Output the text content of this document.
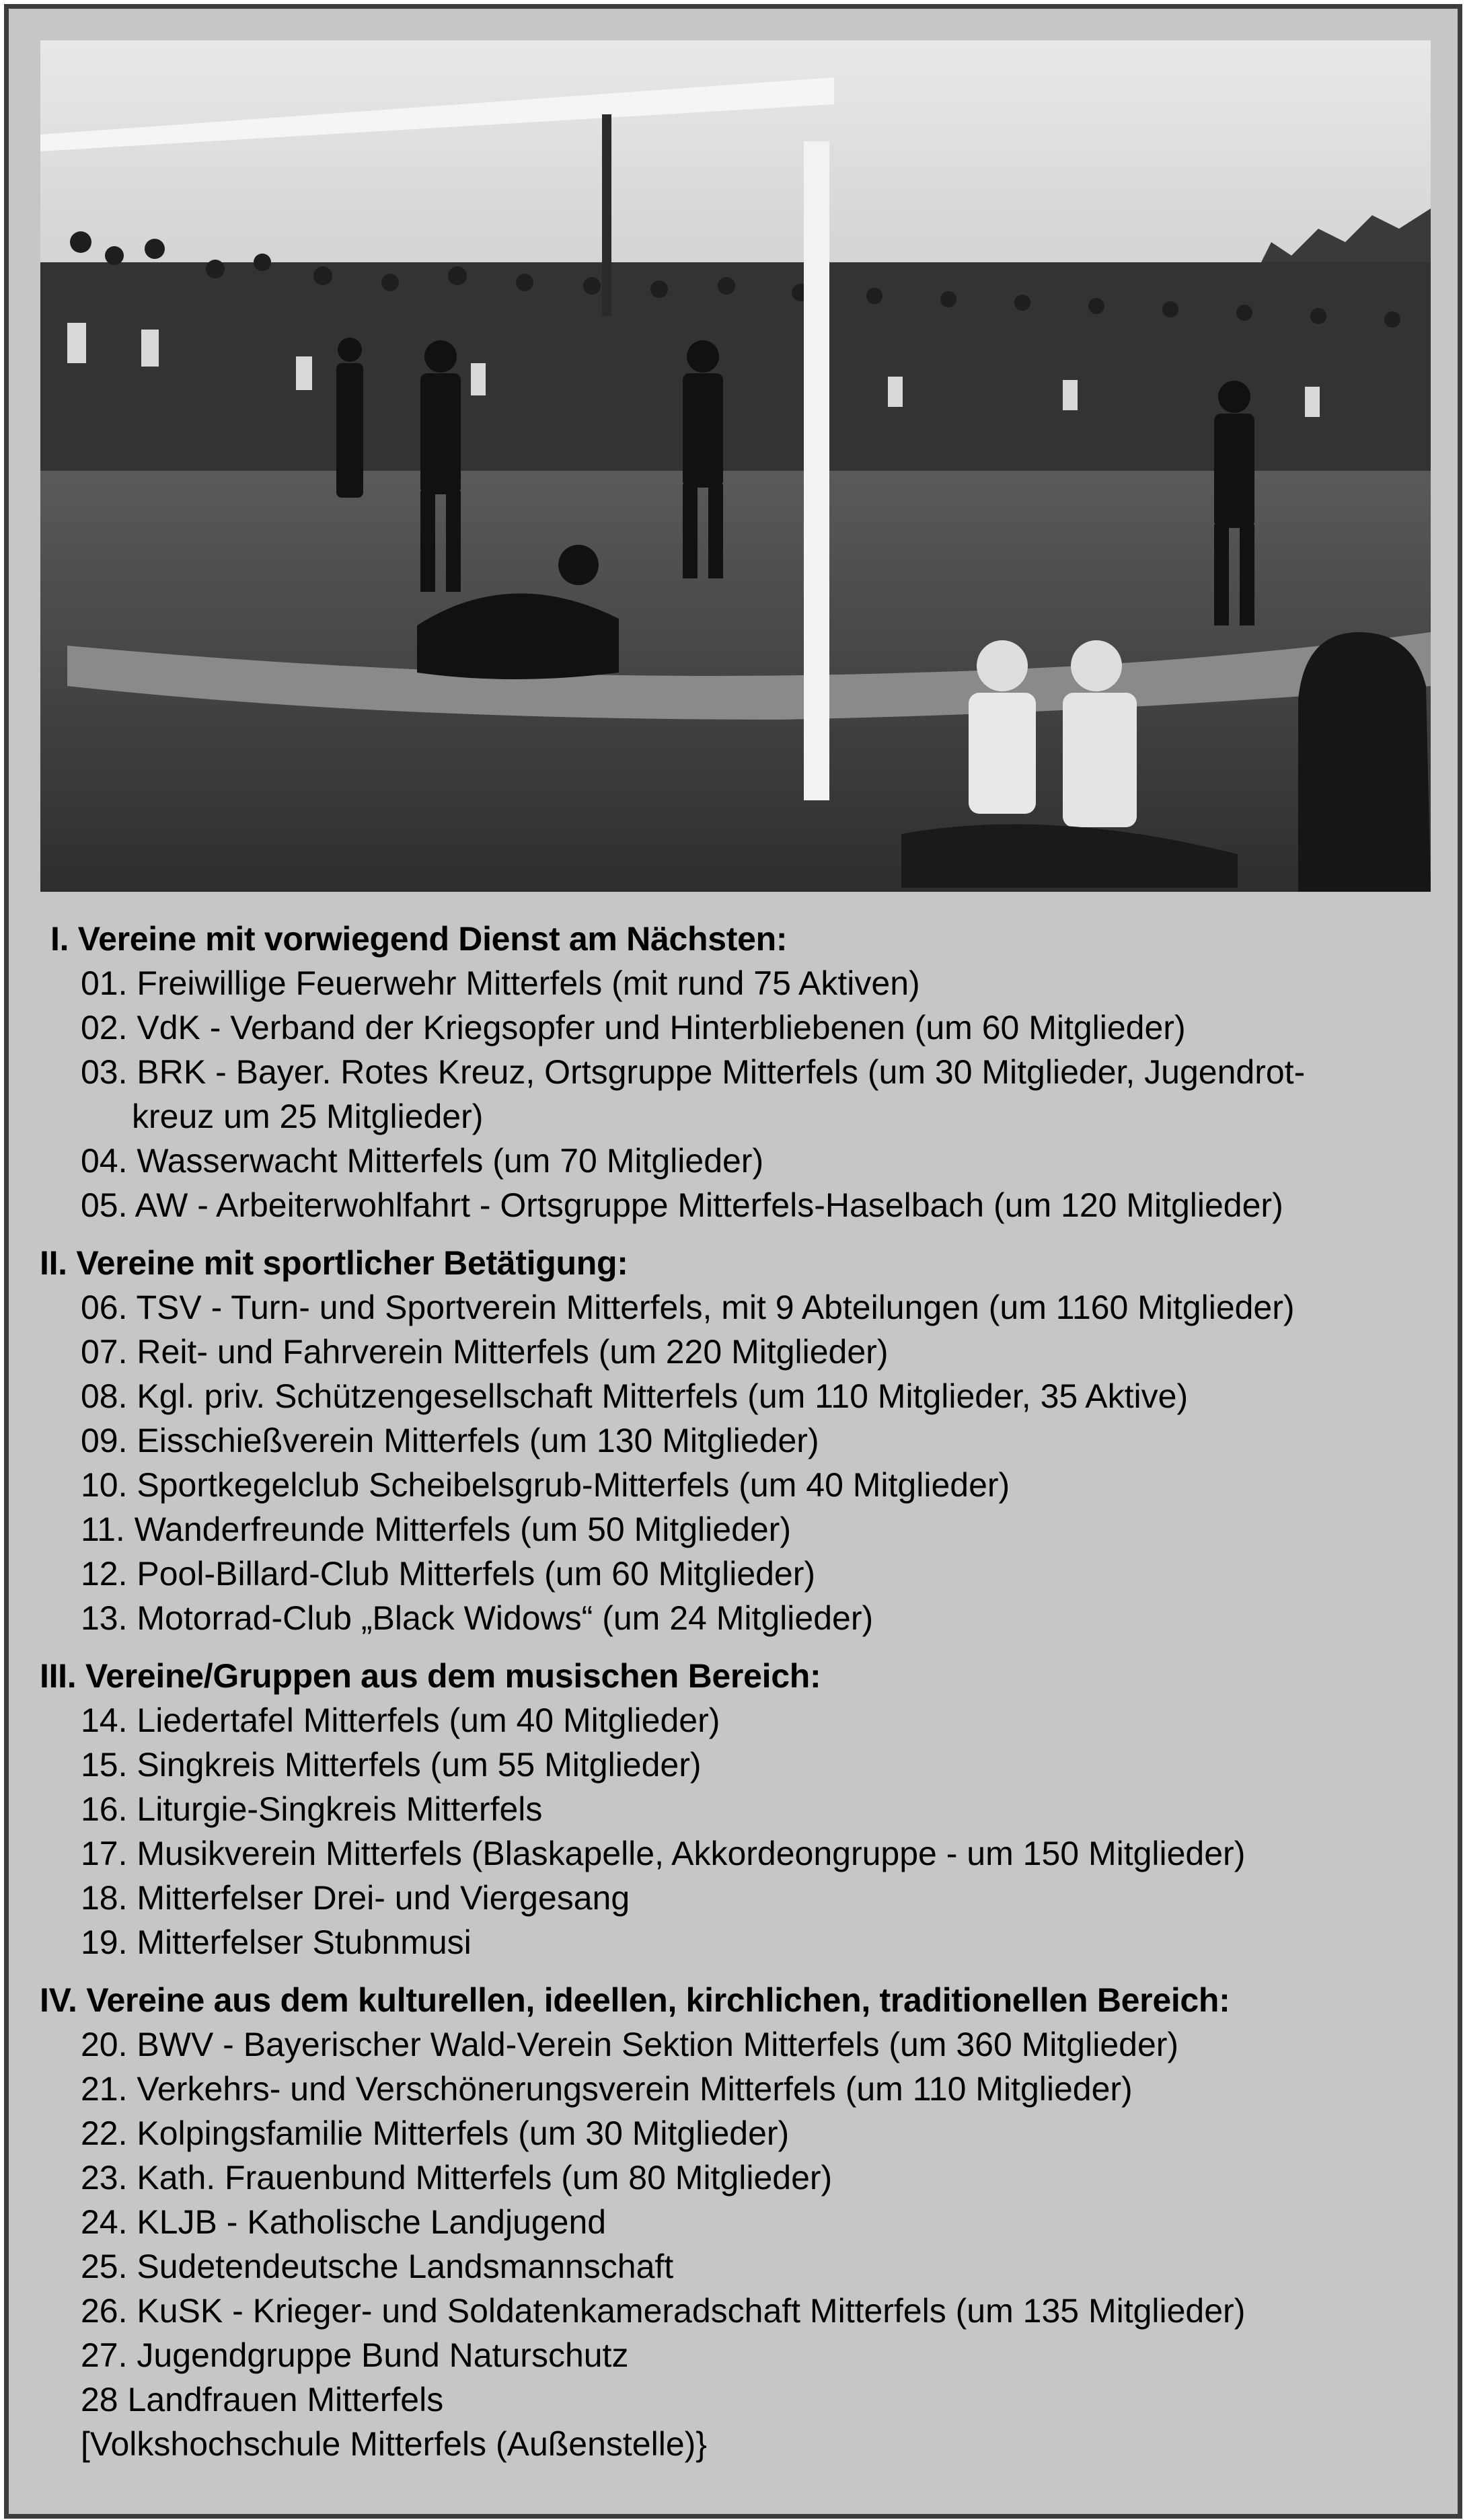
I. Vereine mit vorwiegend Dienst am Nächsten:
01. Freiwillige Feuerwehr Mitterfels (mit rund 75 Aktiven)
02. VdK - Verband der Kriegsopfer und Hinterbliebenen (um 60 Mitglieder)
03. BRK - Bayer. Rotes Kreuz, Ortsgruppe Mitterfels (um 30 Mitglieder, Jugendrot-
kreuz um 25 Mitglieder)
04. Wasserwacht Mitterfels (um 70 Mitglieder)
05. AW - Arbeiterwohlfahrt - Ortsgruppe Mitterfels-Haselbach (um 120 Mitglieder)
II. Vereine mit sportlicher Betätigung:
06. TSV - Turn- und Sportverein Mitterfels, mit 9 Abteilungen (um 1160 Mitglieder)
07. Reit- und Fahrverein Mitterfels (um 220 Mitglieder)
08. Kgl. priv. Schützengesellschaft Mitterfels (um 110 Mitglieder, 35 Aktive)
09. Eisschießverein Mitterfels (um 130 Mitglieder)
10. Sportkegelclub Scheibelsgrub-Mitterfels (um 40 Mitglieder)
11. Wanderfreunde Mitterfels (um 50 Mitglieder)
12. Pool-Billard-Club Mitterfels (um 60 Mitglieder)
13. Motorrad-Club „Black Widows“ (um 24 Mitglieder)
III. Vereine/Gruppen aus dem musischen Bereich:
14. Liedertafel Mitterfels (um 40 Mitglieder)
15. Singkreis Mitterfels (um 55 Mitglieder)
16. Liturgie-Singkreis Mitterfels
17. Musikverein Mitterfels (Blaskapelle, Akkordeongruppe - um 150 Mitglieder)
18. Mitterfelser Drei- und Viergesang
19. Mitterfelser Stubnmusi
IV. Vereine aus dem kulturellen, ideellen, kirchlichen, traditionellen Bereich:
20. BWV - Bayerischer Wald-Verein Sektion Mitterfels (um 360 Mitglieder)
21. Verkehrs- und Verschönerungsverein Mitterfels (um 110 Mitglieder)
22. Kolpingsfamilie Mitterfels (um 30 Mitglieder)
23. Kath. Frauenbund Mitterfels (um 80 Mitglieder)
24. KLJB - Katholische Landjugend
25. Sudetendeutsche Landsmannschaft
26. KuSK - Krieger- und Soldatenkameradschaft Mitterfels (um 135 Mitglieder)
27. Jugendgruppe Bund Naturschutz
28 Landfrauen Mitterfels
[Volkshochschule Mitterfels (Außenstelle)}
